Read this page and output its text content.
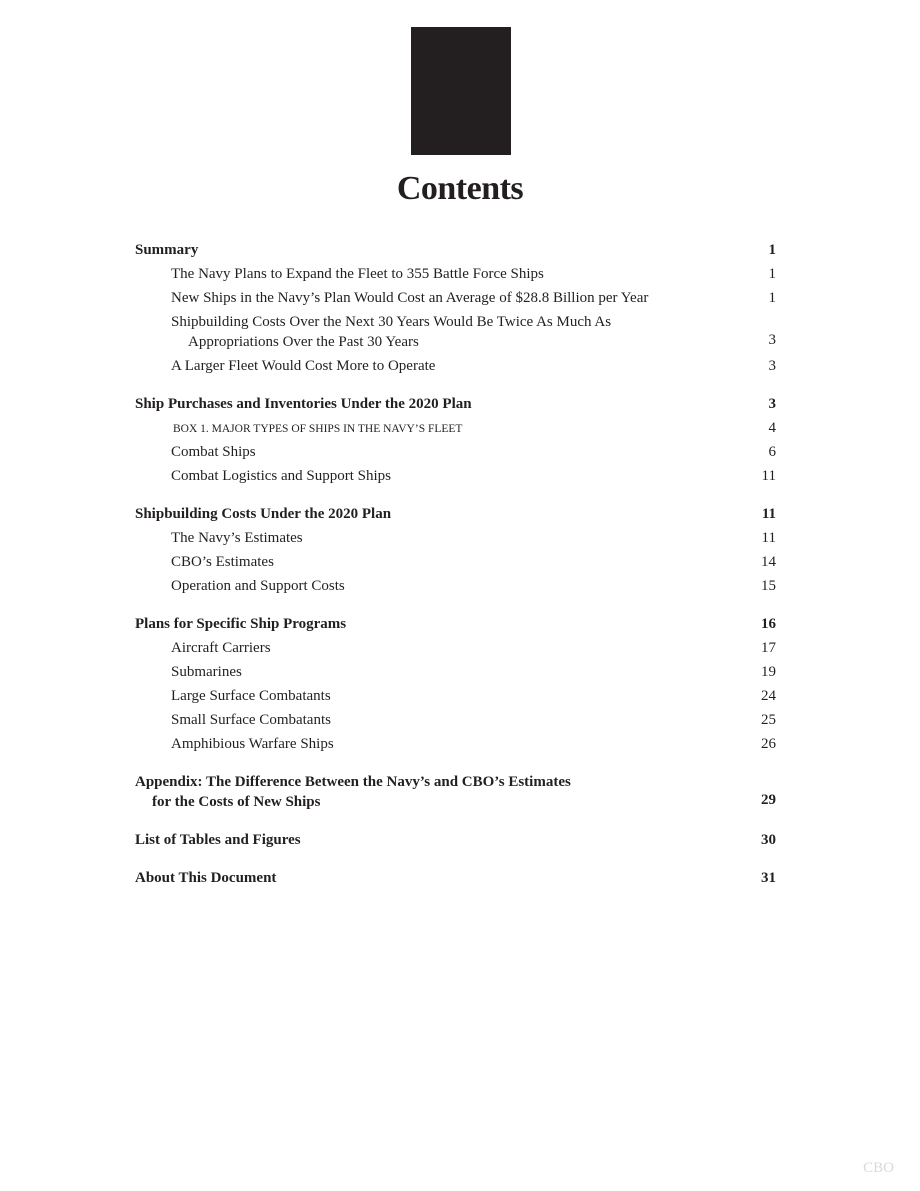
Contents
Summary	1
The Navy Plans to Expand the Fleet to 355 Battle Force Ships	1
New Ships in the Navy’s Plan Would Cost an Average of $28.8 Billion per Year	1
Shipbuilding Costs Over the Next 30 Years Would Be Twice As Much As
Appropriations Over the Past 30 Years	3
A Larger Fleet Would Cost More to Operate	3
Ship Purchases and Inventories Under the 2020 Plan	3
BOX 1. MAJOR TYPES OF SHIPS IN THE NAVY’S FLEET	4
Combat Ships	6
Combat Logistics and Support Ships	11
Shipbuilding Costs Under the 2020 Plan	11
The Navy’s Estimates	11
CBO’s Estimates	14
Operation and Support Costs	15
Plans for Specific Ship Programs	16
Aircraft Carriers	17
Submarines	19
Large Surface Combatants	24
Small Surface Combatants	25
Amphibious Warfare Ships	26
Appendix: The Difference Between the Navy’s and CBO’s Estimates
for the Costs of New Ships	29
List of Tables and Figures	30
About This Document	31
CBO
